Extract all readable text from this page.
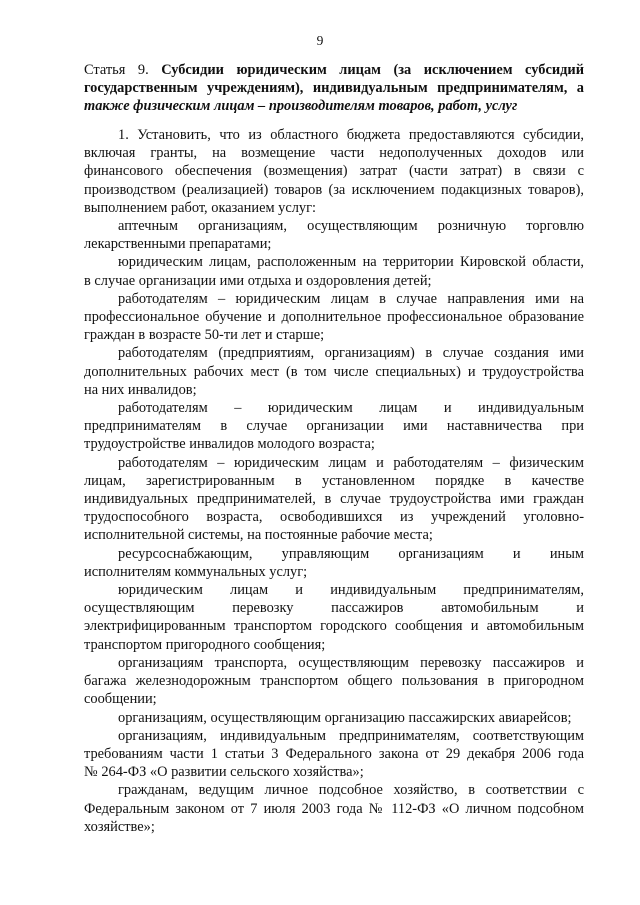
9
Статья 9. Субсидии юридическим лицам (за исключением субсидий
государственным учреждениям), индивидуальным предпринимателям, а
также физическим лицам – производителям товаров, работ, услуг
1. Установить, что из областного бюджета предоставляются субсидии,
включая гранты, на возмещение части недополученных доходов или
финансового обеспечения (возмещения) затрат (части затрат) в связи с
производством (реализацией) товаров (за исключением подакцизных товаров),
выполнением работ, оказанием услуг:
аптечным организациям, осуществляющим розничную торговлю
лекарственными препаратами;
юридическим лицам, расположенным на территории Кировской области,
в случае организации ими отдыха и оздоровления детей;
работодателям – юридическим лицам в случае направления ими на
профессиональное обучение и дополнительное профессиональное образование
граждан в возрасте 50-ти лет и старше;
работодателям (предприятиям, организациям) в случае создания ими
дополнительных рабочих мест (в том числе специальных) и трудоустройства
на них инвалидов;
работодателям – юридическим лицам и индивидуальным
предпринимателям в случае организации ими наставничества при
трудоустройстве инвалидов молодого возраста;
работодателям – юридическим лицам и работодателям – физическим
лицам, зарегистрированным в установленном порядке в качестве
индивидуальных предпринимателей, в случае трудоустройства ими граждан
трудоспособного возраста, освободившихся из учреждений уголовно-
исполнительной системы, на постоянные рабочие места;
ресурсоснабжающим, управляющим организациям и иным
исполнителям коммунальных услуг;
юридическим лицам и индивидуальным предпринимателям,
осуществляющим перевозку пассажиров автомобильным и
электрифицированным транспортом городского сообщения и автомобильным
транспортом пригородного сообщения;
организациям транспорта, осуществляющим перевозку пассажиров и
багажа железнодорожным транспортом общего пользования в пригородном
сообщении;
организациям, осуществляющим организацию пассажирских авиарейсов;
организациям, индивидуальным предпринимателям, соответствующим
требованиям части 1 статьи 3 Федерального закона от 29 декабря 2006 года
№ 264-ФЗ «О развитии сельского хозяйства»;
гражданам, ведущим личное подсобное хозяйство, в соответствии с
Федеральным законом от 7 июля 2003 года № 112-ФЗ «О личном подсобном
хозяйстве»;
